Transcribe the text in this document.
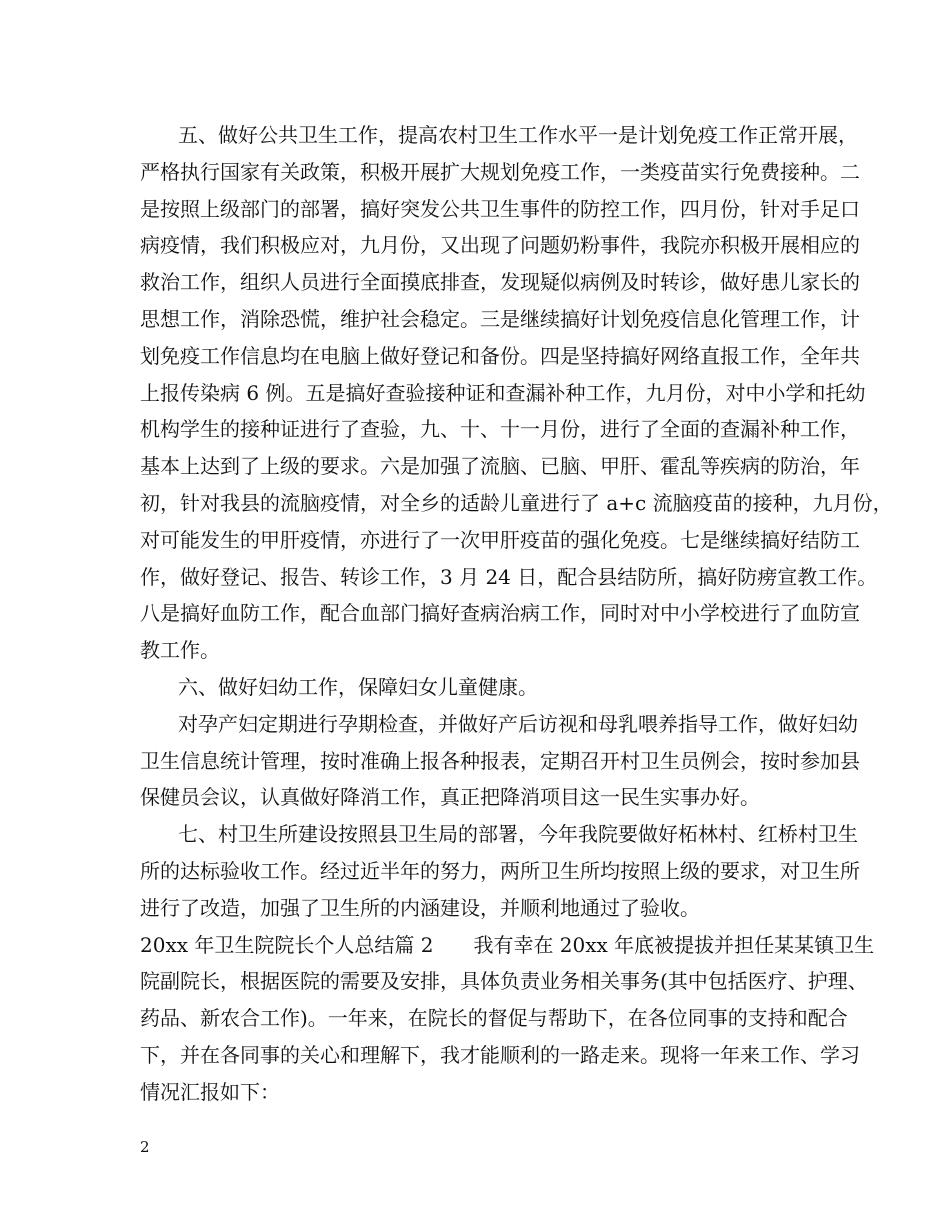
五、做好公共卫生工作，提高农村卫生工作水平一是计划免疫工作正常开展，
严格执行国家有关政策，积极开展扩大规划免疫工作，一类疫苗实行免费接种。二
是按照上级部门的部署，搞好突发公共卫生事件的防控工作，四月份，针对手足口
病疫情，我们积极应对，九月份，又出现了问题奶粉事件，我院亦积极开展相应的
救治工作，组织人员进行全面摸底排查，发现疑似病例及时转诊，做好患儿家长的
思想工作，消除恐慌，维护社会稳定。三是继续搞好计划免疫信息化管理工作，计
划免疫工作信息均在电脑上做好登记和备份。四是坚持搞好网络直报工作，全年共
上报传染病 6 例。五是搞好查验接种证和查漏补种工作，九月份，对中小学和托幼
机构学生的接种证进行了查验，九、十、十一月份，进行了全面的查漏补种工作，
基本上达到了上级的要求。六是加强了流脑、已脑、甲肝、霍乱等疾病的防治，年
初，针对我县的流脑疫情，对全乡的适龄儿童进行了 a+c 流脑疫苗的接种，九月份，
对可能发生的甲肝疫情，亦进行了一次甲肝疫苗的强化免疫。七是继续搞好结防工
作，做好登记、报告、转诊工作，3 月 24 日，配合县结防所，搞好防痨宣教工作。
八是搞好血防工作，配合血部门搞好查病治病工作，同时对中小学校进行了血防宣
教工作。
六、做好妇幼工作，保障妇女儿童健康。
对孕产妇定期进行孕期检查，并做好产后访视和母乳喂养指导工作，做好妇幼
卫生信息统计管理，按时准确上报各种报表，定期召开村卫生员例会，按时参加县
保健员会议，认真做好降消工作，真正把降消项目这一民生实事办好。
七、村卫生所建设按照县卫生局的部署，今年我院要做好柘林村、红桥村卫生
所的达标验收工作。经过近半年的努力，两所卫生所均按照上级的要求，对卫生所
进行了改造，加强了卫生所的内涵建设，并顺利地通过了验收。
20xx 年卫生院院长个人总结篇 2　　我有幸在 20xx 年底被提拔并担任某某镇卫生
院副院长，根据医院的需要及安排，具体负责业务相关事务(其中包括医疗、护理、
药品、新农合工作)。一年来，在院长的督促与帮助下，在各位同事的支持和配合
下，并在各同事的关心和理解下，我才能顺利的一路走来。现将一年来工作、学习
情况汇报如下：
2
